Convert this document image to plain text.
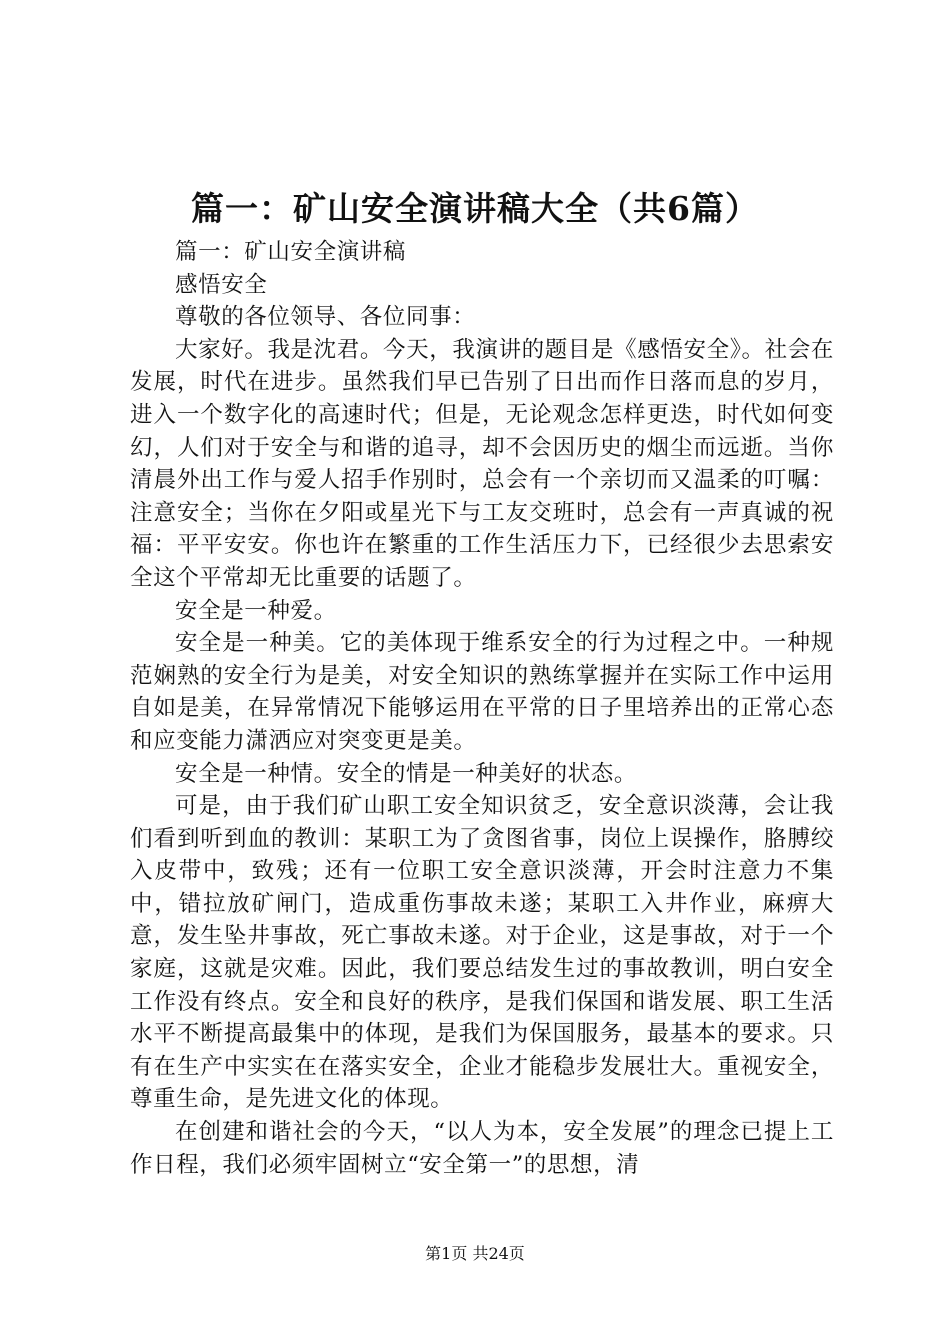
篇一：矿山安全演讲稿大全（共6篇）

篇一：矿山安全演讲稿

感悟安全

尊敬的各位领导、各位同事：

大家好。我是沈君。今天，我演讲的题目是《感悟安全》。社会在发展，时代在进步。虽然我们早已告别了日出而作日落而息的岁月，进入一个数字化的高速时代；但是，无论观念怎样更迭，时代如何变幻，人们对于安全与和谐的追寻，却不会因历史的烟尘而远逝。当你清晨外出工作与爱人招手作别时，总会有一个亲切而又温柔的叮嘱：注意安全；当你在夕阳或星光下与工友交班时，总会有一声真诚的祝福：平平安安。你也许在繁重的工作生活压力下，已经很少去思索安全这个平常却无比重要的话题了。

安全是一种爱。

安全是一种美。它的美体现于维系安全的行为过程之中。一种规范娴熟的安全行为是美，对安全知识的熟练掌握并在实际工作中运用自如是美，在异常情况下能够运用在平常的日子里培养出的正常心态和应变能力潇洒应对突变更是美。

安全是一种情。安全的情是一种美好的状态。

可是，由于我们矿山职工安全知识贫乏，安全意识淡薄，会让我们看到听到血的教训：某职工为了贪图省事，岗位上误操作，胳膊绞入皮带中，致残；还有一位职工安全意识淡薄，开会时注意力不集中，错拉放矿闸门，造成重伤事故未遂；某职工入井作业，麻痹大意，发生坠井事故，死亡事故未遂。对于企业，这是事故，对于一个家庭，这就是灾难。因此，我们要总结发生过的事故教训，明白安全工作没有终点。安全和良好的秩序，是我们保国和谐发展、职工生活水平不断提高最集中的体现，是我们为保国服务，最基本的要求。只有在生产中实实在在落实安全，企业才能稳步发展壮大。重视安全，尊重生命，是先进文化的体现。

在创建和谐社会的今天，“以人为本，安全发展”的理念已提上工作日程，我们必须牢固树立“安全第一”的思想，清

第1页 共24页
